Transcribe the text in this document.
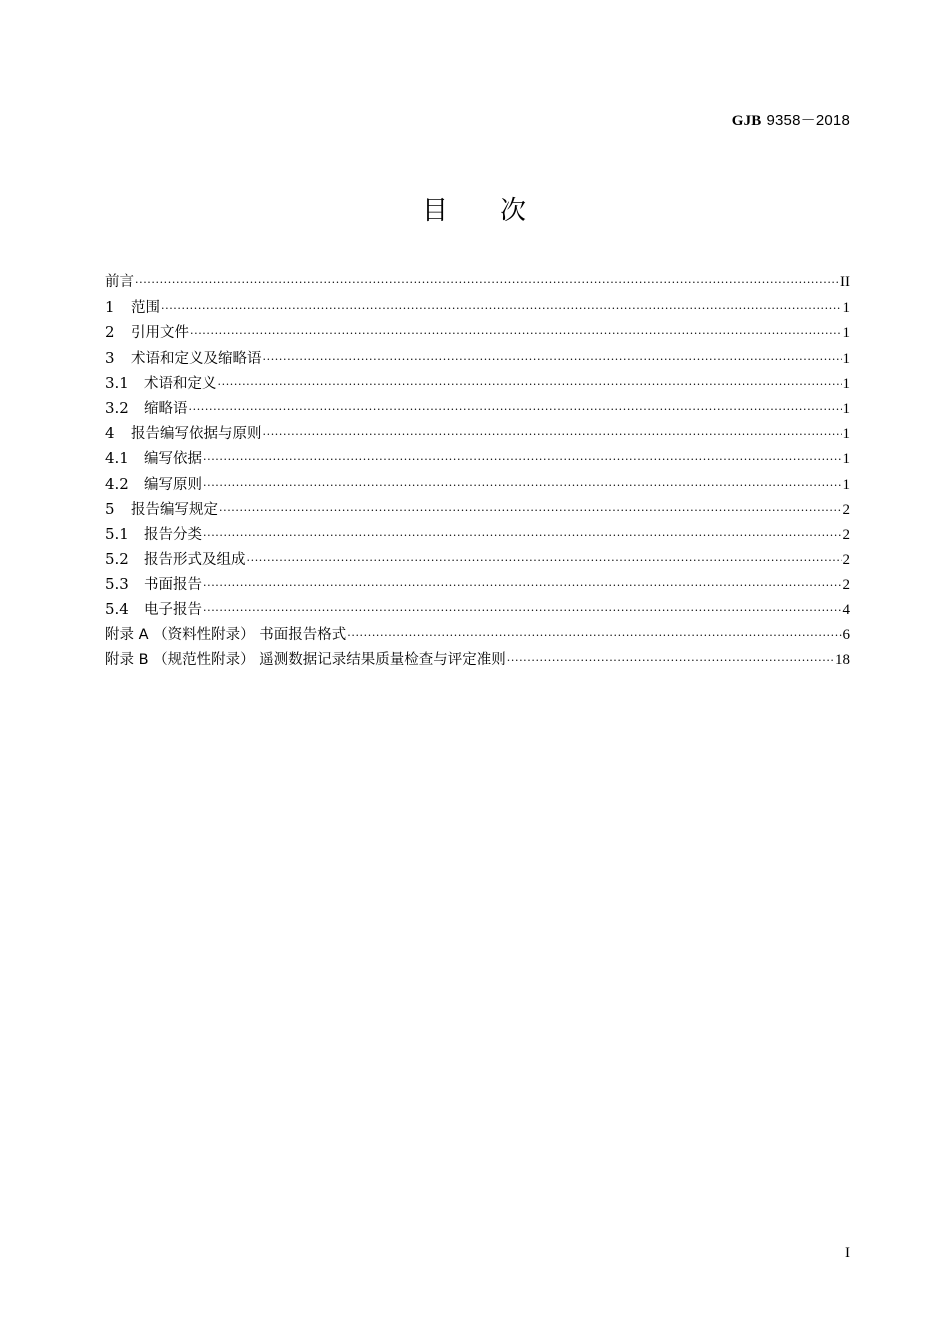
GJB 9358－2018
目 次
前言 ·····	II
1	范围 ·····	1
2	引用文件 ·····	1
3	术语和定义及缩略语 ·····	1
3.1	术语和定义 ·····	1
3.2	缩略语 ·····	1
4	报告编写依据与原则 ·····	1
4.1	编写依据 ·····	1
4.2	编写原则 ·····	1
5	报告编写规定 ·····	2
5.1	报告分类 ·····	2
5.2	报告形式及组成 ·····	2
5.3	书面报告 ·····	2
5.4	电子报告 ·····	4
附录 A （资料性附录） 书面报告格式 ·····	6
附录 B （规范性附录） 遥测数据记录结果质量检查与评定准则 ·····	18
I
